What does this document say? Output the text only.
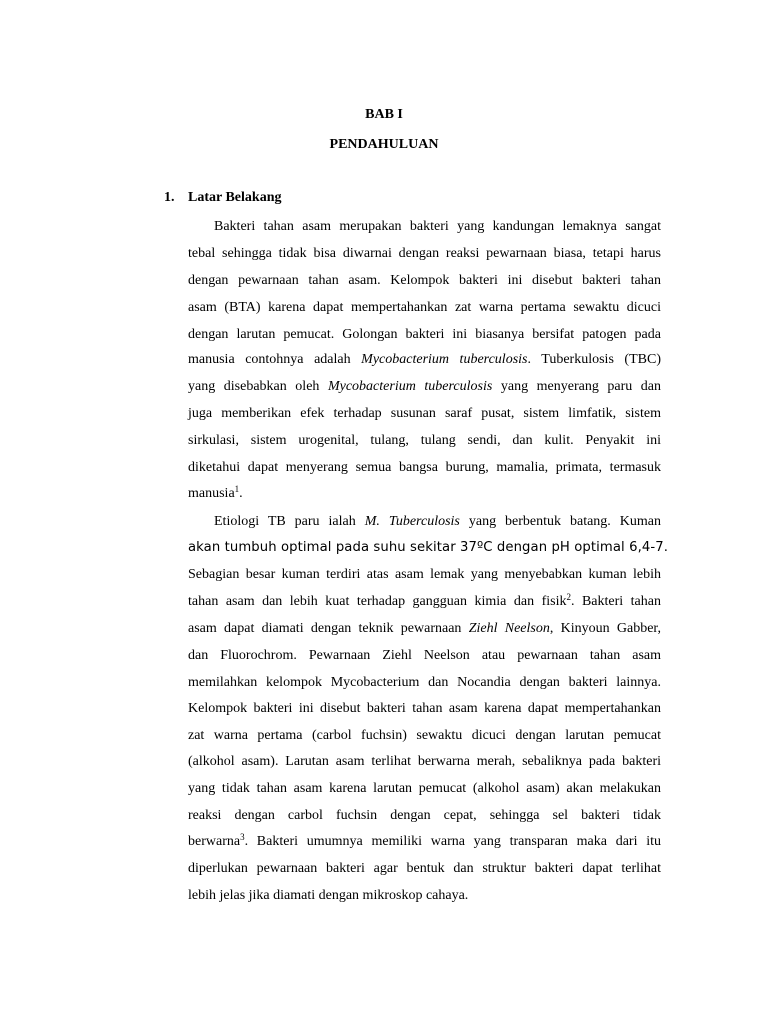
BAB I
PENDAHULUAN
1. Latar Belakang
Bakteri tahan asam merupakan bakteri yang kandungan lemaknya sangat
tebal sehingga tidak bisa diwarnai dengan reaksi pewarnaan biasa, tetapi harus
dengan pewarnaan tahan asam. Kelompok bakteri ini disebut bakteri tahan
asam (BTA) karena dapat mempertahankan zat warna pertama sewaktu dicuci
dengan larutan pemucat. Golongan bakteri ini biasanya bersifat patogen pada
manusia contohnya adalah Mycobacterium tuberculosis. Tuberkulosis (TBC)
yang disebabkan oleh Mycobacterium tuberculosis yang menyerang paru dan
juga memberikan efek terhadap susunan saraf pusat, sistem limfatik, sistem
sirkulasi, sistem urogenital, tulang, tulang sendi, dan kulit. Penyakit ini
diketahui dapat menyerang semua bangsa burung, mamalia, primata, termasuk
manusia$^1$.
Etiologi TB paru ialah M. Tuberculosis yang berbentuk batang. Kuman
akan tumbuh optimal pada suhu sekitar 37ºC dengan pH optimal 6,4-7.
Sebagian besar kuman terdiri atas asam lemak yang menyebabkan kuman lebih
tahan asam dan lebih kuat terhadap gangguan kimia dan fisik$^2$. Bakteri tahan
asam dapat diamati dengan teknik pewarnaan Ziehl Neelson, Kinyoun Gabber,
dan Fluorochrom. Pewarnaan Ziehl Neelson atau pewarnaan tahan asam
memilahkan kelompok Mycobacterium dan Nocandia dengan bakteri lainnya.
Kelompok bakteri ini disebut bakteri tahan asam karena dapat mempertahankan
zat warna pertama (carbol fuchsin) sewaktu dicuci dengan larutan pemucat
(alkohol asam). Larutan asam terlihat berwarna merah, sebaliknya pada bakteri
yang tidak tahan asam karena larutan pemucat (alkohol asam) akan melakukan
reaksi dengan carbol fuchsin dengan cepat, sehingga sel bakteri tidak
berwarna$^3$. Bakteri umumnya memiliki warna yang transparan maka dari itu
diperlukan pewarnaan bakteri agar bentuk dan struktur bakteri dapat terlihat
lebih jelas jika diamati dengan mikroskop cahaya.
